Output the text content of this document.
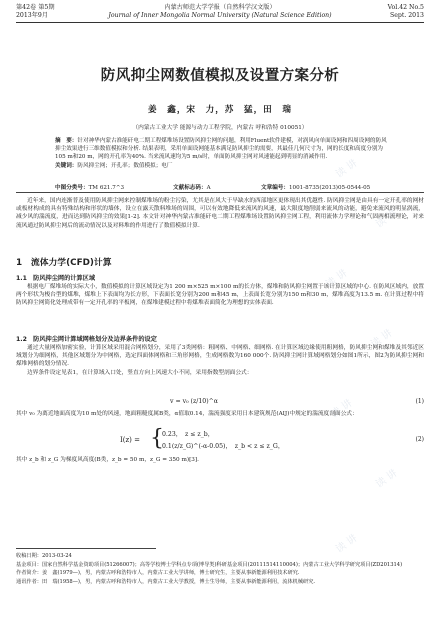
读 讲
读 讲
读 讲
读 讲
读 讲
读 讲
读 讲
第42卷 第5期
2013年9月
内蒙古师范大学学报（自然科学汉文版）
Journal of Inner Mongolia Normal University (Natural Science Edition)
Vol.42 No.5
Sept. 2013
防风抑尘网数值模拟及设置方案分析
姜　鑫，宋　力，苏　猛，田　瑞
（内蒙古工业大学 能源与动力工程学院，内蒙古 呼和浩特 010051）

摘　要：针对神华内蒙古准能矸电二期工程煤堆场设置防风抑尘网的问题，利用Fluent软件建模，对涡风向单面设网和四周设网的防风抑尘效果进行三维数值模拟和分析. 结果表明，采用单面设网能基本满足防风抑尘的需要，其最佳几何尺寸为，网的长度和高度分别为105 m和20 m，网的开孔率为40%. 当来流风速均为5 m/s时，单面防风抑尘网对风速能起到明显的消减作用.

关键词：防风抑尘网；开孔率；数值模拟；电厂

中图分类号：TM 621.7^3	文献标志码：A	文章编号：1001-8735(2013)05-0544-05

近年来，国内连渐普及使用防风抑尘网来控制煤堆场的粉尘污染，尤其是在风大于旱缺水的西部地区更体现出其优越性. 防风抑尘网是由具有一定开孔率的网材或板材构成的具有特殊结构和形状的墙体，设立在露天散料堆场的周围，可以有效地降低来流风的风速，最大限度地削弱来流风的动能，避免来流风的明显涡流，减少风的湍流度，进而达到防风抑尘的效果[1-2]. 本文针对神华内蒙古准能矸电二期工程煤堆场设置防风抑尘网工程，利用流体力学理论和气固两相流理论，对来流风通过防风抑尘网后的流动情况以及对料堆的作用进行了数值模拟计算.

1　流体力学(CFD)计算
1.1　防风抑尘网的计算区域

根据电厂煤堆场的实际大小，数值模拟的计算区域设定为1 200 m×525 m×100 m的长方体，煤堆和防风抑尘网置于该计算区域的中心. 在防风区域内，放置两个形状为梭台型的煤堆，煤堆上下表面均为长方形，下表面长宽分别为200 m和45 m，上表面长宽分别为150 m和30 m，煤堆高度为13.5 m. 在计算过程中将防风抑尘网简化处理成带有一定开孔率的平板网，在煤堆建模过程中将煤堆表面简化为理想的实体表面.

1.2　防风抑尘网计算域网格划分及边界条件的设定

通过大量网格加密实验，计算区域采用混合网格划分，采用了3类网格：粗网格、中网格、细网格. 在计算区域边缘使用粗网格，防风抑尘网和煤堆及其邻近区域划分为细网格，其他区域划分为中网格，选定四面体网格和三角形网格，生成网格数为160 000个. 防风抑尘网计算域网格划分如图1所示，图2为防风抑尘网和煤堆网格的划分情况.

边界条件设定见表1，在计算域入口处，竖直方向上风速大小不同，采用指数型剖面公式：

v = v₀ (z/10)^α	(1)

其中 v₀ 为离近地面高度为10 m处的风速，地面粗糙度属B类，α值取0.14，湍流强度采用日本建筑规范(AIJ)中规定的湍流度剖面公式：

I(z) = {
0.23，　z ≤ z_b，
0.1(z/z_G)^(-α-0.05)，　z_b < z ≤ z_G，
(2)

其中 z_b 和 z_G 为梯度风高度(B类，z_b = 50 m，z_G = 350 m)[3].

收稿日期：2013-03-24
基金项目：国家自然科学基金资助项目(51266007)；高等学校博士学科点专项(博导类)科研基金项目(20111514110004)；内蒙古工业大学科学研究项目(ZD201314)
作者简介：姜　鑫(1979—)，男，内蒙古呼和浩特市人，内蒙古工业大学讲师，博士研究生，主要从事新能源利用技术研究.
通讯作者：田　瑞(1958—)，男，内蒙古呼和浩特市人，内蒙古工业大学教授，博士生导师，主要从事新能源利用，流体机械研究.
